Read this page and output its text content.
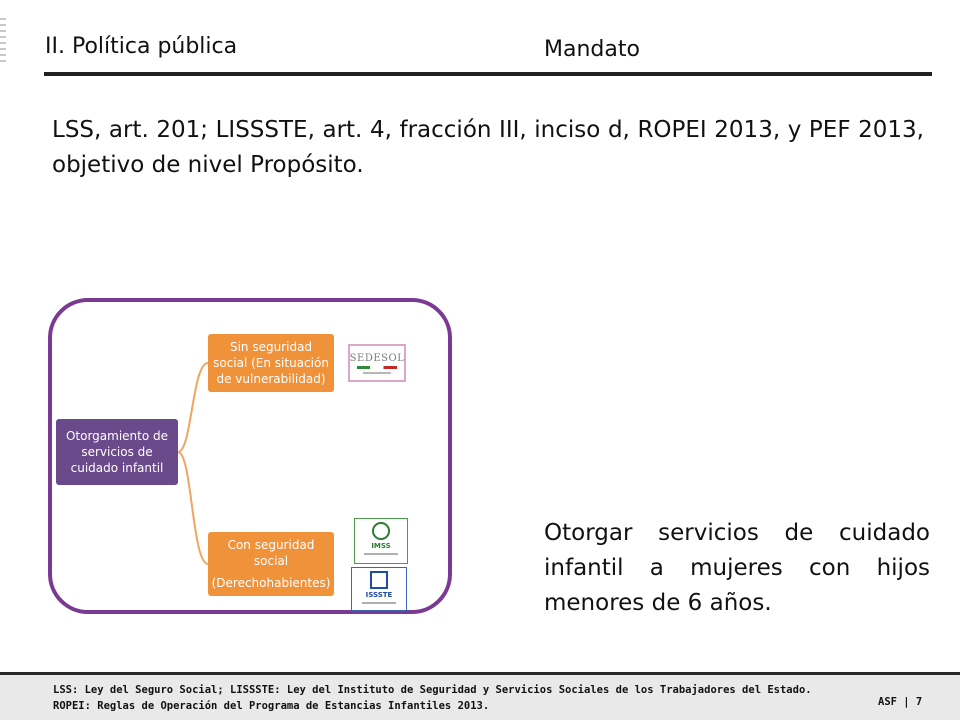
II. Política pública	Mandato
LSS, art. 201; LISSSTE, art. 4, fracción III, inciso d, ROPEI 2013, y PEF 2013, objetivo de nivel Propósito.
Otorgamiento de servicios de cuidado infantil
Sin seguridad social (En situación de vulnerabilidad)
Con seguridad social
(Derechohabientes)
SEDESOL
IMSS
ISSSTE
Otorgar servicios de cuidado infantil a mujeres con hijos menores de 6 años.
LSS: Ley del Seguro Social; LISSSTE: Ley del Instituto de Seguridad y Servicios Sociales de los Trabajadores del Estado.
ROPEI: Reglas de Operación del Programa de Estancias Infantiles 2013.	ASF | 7
